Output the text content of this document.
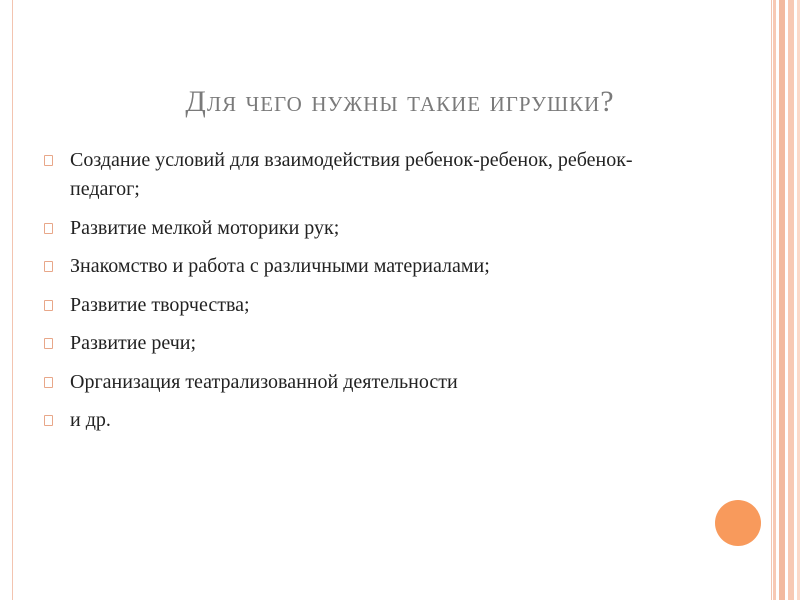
Для чего нужны такие игрушки?
Создание условий для взаимодействия ребенок-ребенок, ребенок-педагог;
Развитие мелкой моторики рук;
Знакомство и работа с различными материалами;
Развитие творчества;
Развитие речи;
Организация театрализованной деятельности
и др.
